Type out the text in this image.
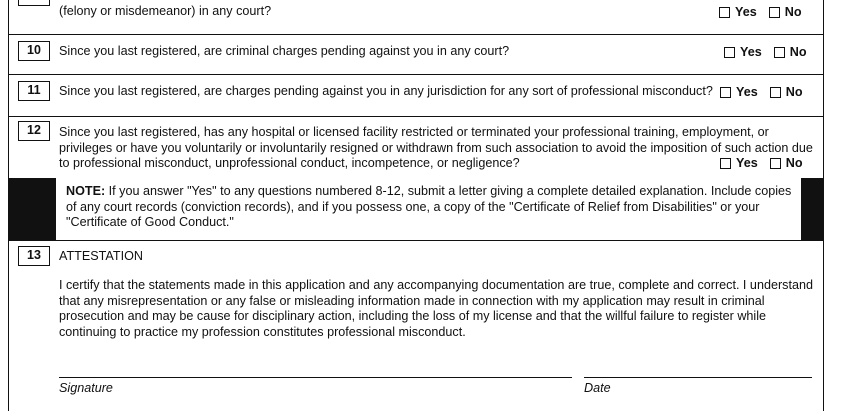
(felony or misdemeanor) in any court?	Yes No
10	Since you last registered, are criminal charges pending against you in any court?	Yes No
11	Since you last registered, are charges pending against you in any jurisdiction for any sort of professional misconduct? Yes No
12	Since you last registered, has any hospital or licensed facility restricted or terminated your professional training, employment, or
privileges or have you voluntarily or involuntarily resigned or withdrawn from such association to avoid the imposition of such action due
to professional misconduct, unprofessional conduct, incompetence, or negligence?	Yes No
NOTE: If you answer "Yes" to any questions numbered 8-12, submit a letter giving a complete detailed explanation. Include copies
of any court records (conviction records), and if you possess one, a copy of the "Certificate of Relief from Disabilities" or your
"Certificate of Good Conduct."
13	ATTESTATION
I certify that the statements made in this application and any accompanying documentation are true, complete and correct. I understand
that any misrepresentation or any false or misleading information made in connection with my application may result in criminal
prosecution and may be cause for disciplinary action, including the loss of my license and that the willful failure to register while
continuing to practice my profession constitutes professional misconduct.
Signature	Date
